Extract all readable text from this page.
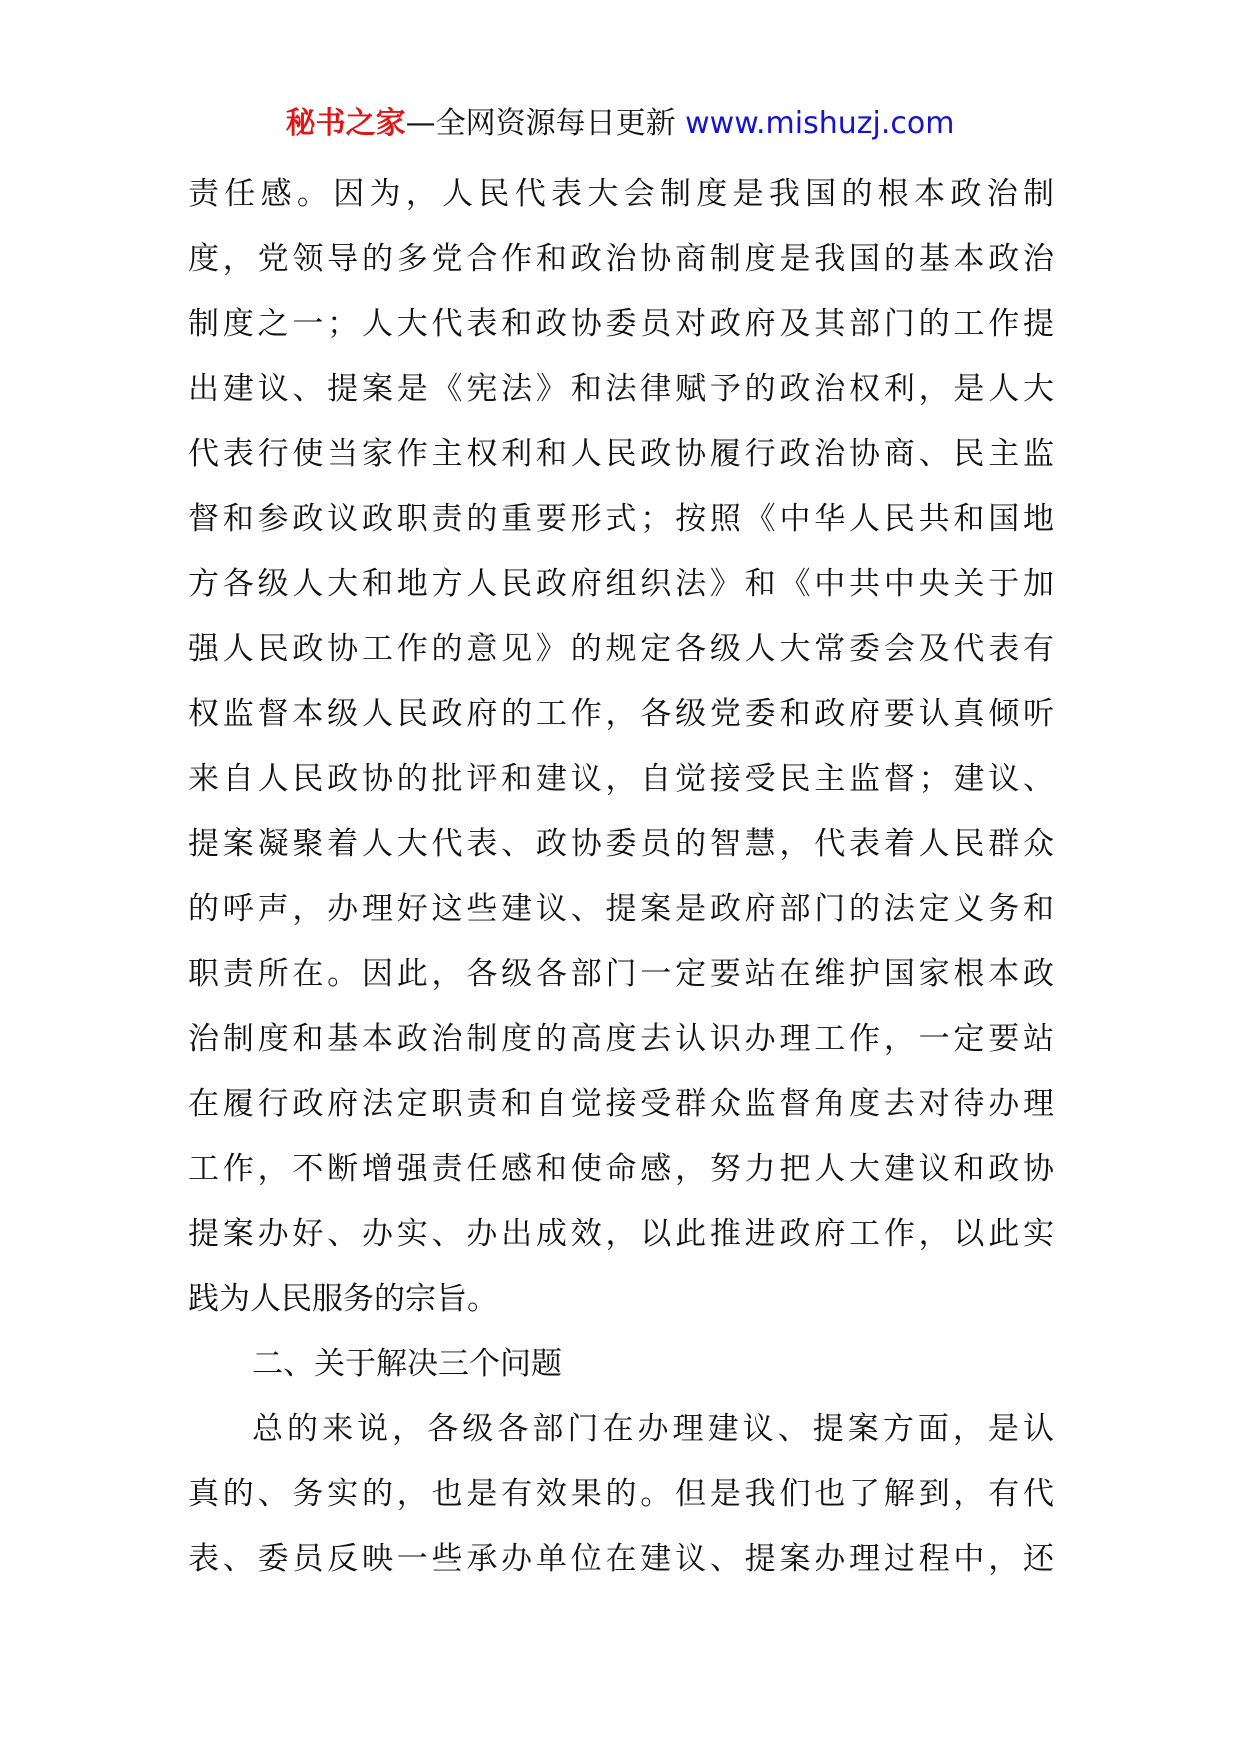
秘书之家—全网资源每日更新 www.mishuzj.com
责任感。因为，人民代表大会制度是我国的根本政治制
度，党领导的多党合作和政治协商制度是我国的基本政治
制度之一；人大代表和政协委员对政府及其部门的工作提
出建议、提案是《宪法》和法律赋予的政治权利，是人大
代表行使当家作主权利和人民政协履行政治协商、民主监
督和参政议政职责的重要形式；按照《中华人民共和国地
方各级人大和地方人民政府组织法》和《中共中央关于加
强人民政协工作的意见》的规定各级人大常委会及代表有
权监督本级人民政府的工作，各级党委和政府要认真倾听
来自人民政协的批评和建议，自觉接受民主监督；建议、
提案凝聚着人大代表、政协委员的智慧，代表着人民群众
的呼声，办理好这些建议、提案是政府部门的法定义务和
职责所在。因此，各级各部门一定要站在维护国家根本政
治制度和基本政治制度的高度去认识办理工作，一定要站
在履行政府法定职责和自觉接受群众监督角度去对待办理
工作，不断增强责任感和使命感，努力把人大建议和政协
提案办好、办实、办出成效，以此推进政府工作，以此实
践为人民服务的宗旨。
二、关于解决三个问题
总的来说，各级各部门在办理建议、提案方面，是认
真的、务实的，也是有效果的。但是我们也了解到，有代
表、委员反映一些承办单位在建议、提案办理过程中，还
